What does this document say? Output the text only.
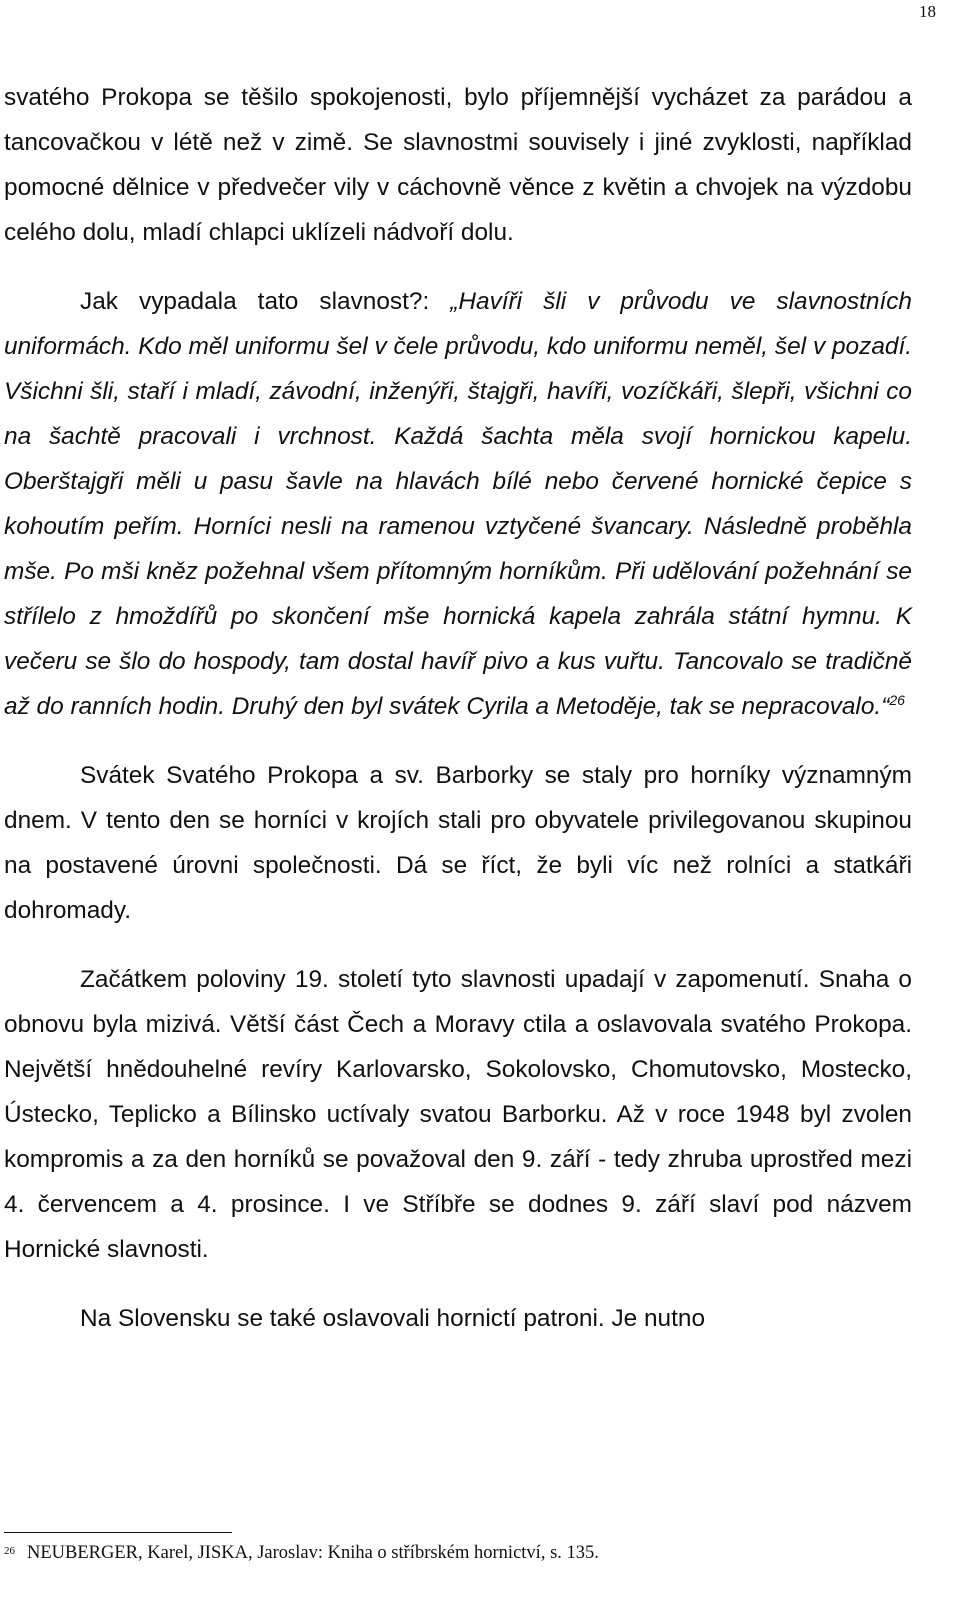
18

svatého Prokopa se těšilo spokojenosti, bylo příjemnější vycházet za parádou a tancovačkou v létě než v zimě. Se slavnostmi souvisely i jiné zvyklosti, například pomocné dělnice v předvečer vily v cáchovně věnce z květin a chvojek na výzdobu celého dolu, mladí chlapci uklízeli nádvoří dolu.

Jak vypadala tato slavnost?: „Havíři šli v průvodu ve slavnostních uniformách. Kdo měl uniformu šel v čele průvodu, kdo uniformu neměl, šel v pozadí. Všichni šli, staří i mladí, závodní, inženýři, štajgři, havíři, vozíčkáři, šlepři, všichni co na šachtě pracovali i vrchnost. Každá šachta měla svojí hornickou kapelu. Oberštajgři měli u pasu šavle na hlavách bílé nebo červené hornické čepice s kohoutím peřím. Horníci nesli na ramenou vztyčené švancary. Následně proběhla mše. Po mši kněz požehnal všem přítomným horníkům. Při udělování požehnání se střílelo z hmoždířů po skončení mše hornická kapela zahrála státní hymnu. K večeru se šlo do hospody, tam dostal havíř pivo a kus vuřtu. Tancovalo se tradičně až do ranních hodin. Druhý den byl svátek Cyrila a Metoděje, tak se nepracovalo.“$^{26}$

Svátek Svatého Prokopa a sv. Barborky se staly pro horníky významným dnem. V tento den se horníci v krojích stali pro obyvatele privilegovanou skupinou na postavené úrovni společnosti. Dá se říct, že byli víc než rolníci a statkáři dohromady.

Začátkem poloviny 19. století tyto slavnosti upadají v zapomenutí. Snaha o obnovu byla mizivá. Větší část Čech a Moravy ctila a oslavovala svatého Prokopa. Největší hnědouhelné revíry Karlovarsko, Sokolovsko, Chomutovsko, Mostecko, Ústecko, Teplicko a Bílinsko uctívaly svatou Barborku. Až v roce 1948 byl zvolen kompromis a za den horníků se považoval den 9. září - tedy zhruba uprostřed mezi 4. červencem a 4. prosince. I ve Stříbře se dodnes 9. září slaví pod názvem Hornické slavnosti.

Na Slovensku se také oslavovali hornictí patroni. Je nutno

$^{26}$ NEUBERGER, Karel, JISKA, Jaroslav: Kniha o stříbrském hornictví, s. 135.
